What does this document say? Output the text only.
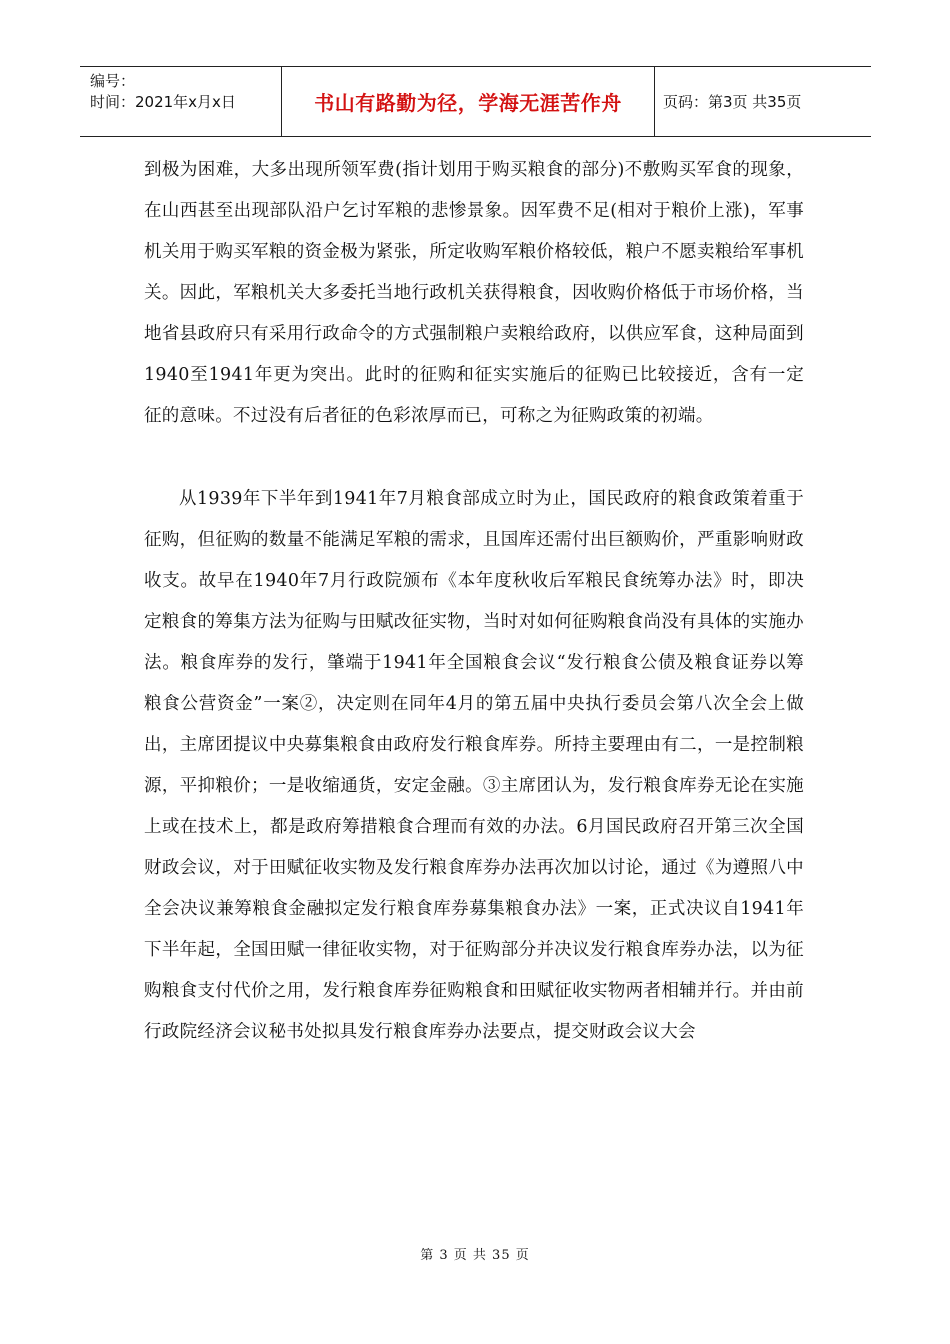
编号：
时间：2021年x月x日	书山有路勤为径，学海无涯苦作舟	页码：第3页 共35页

到极为困难，大多出现所领军费(指计划用于购买粮食的部分)不敷购买军食的现象，在山西甚至出现部队沿户乞讨军粮的悲惨景象。因军费不足(相对于粮价上涨)，军事机关用于购买军粮的资金极为紧张，所定收购军粮价格较低，粮户不愿卖粮给军事机关。因此，军粮机关大多委托当地行政机关获得粮食，因收购价格低于市场价格，当地省县政府只有采用行政命令的方式强制粮户卖粮给政府，以供应军食，这种局面到1940至1941年更为突出。此时的征购和征实实施后的征购已比较接近，含有一定征的意味。不过没有后者征的色彩浓厚而已，可称之为征购政策的初端。

从1939年下半年到1941年7月粮食部成立时为止，国民政府的粮食政策着重于征购，但征购的数量不能满足军粮的需求，且国库还需付出巨额购价，严重影响财政收支。故早在1940年7月行政院颁布《本年度秋收后军粮民食统筹办法》时，即决定粮食的筹集方法为征购与田赋改征实物，当时对如何征购粮食尚没有具体的实施办法。粮食库券的发行，肇端于1941年全国粮食会议“发行粮食公债及粮食证券以筹粮食公营资金”一案②，决定则在同年4月的第五届中央执行委员会第八次全会上做出，主席团提议中央募集粮食由政府发行粮食库券。所持主要理由有二，一是控制粮源，平抑粮价；一是收缩通货，安定金融。③主席团认为，发行粮食库券无论在实施上或在技术上，都是政府筹措粮食合理而有效的办法。6月国民政府召开第三次全国财政会议，对于田赋征收实物及发行粮食库券办法再次加以讨论，通过《为遵照八中全会决议兼筹粮食金融拟定发行粮食库券募集粮食办法》一案，正式决议自1941年下半年起，全国田赋一律征收实物，对于征购部分并决议发行粮食库券办法，以为征购粮食支付代价之用，发行粮食库券征购粮食和田赋征收实物两者相辅并行。并由前行政院经济会议秘书处拟具发行粮食库券办法要点，提交财政会议大会

第 3 页 共 35 页
